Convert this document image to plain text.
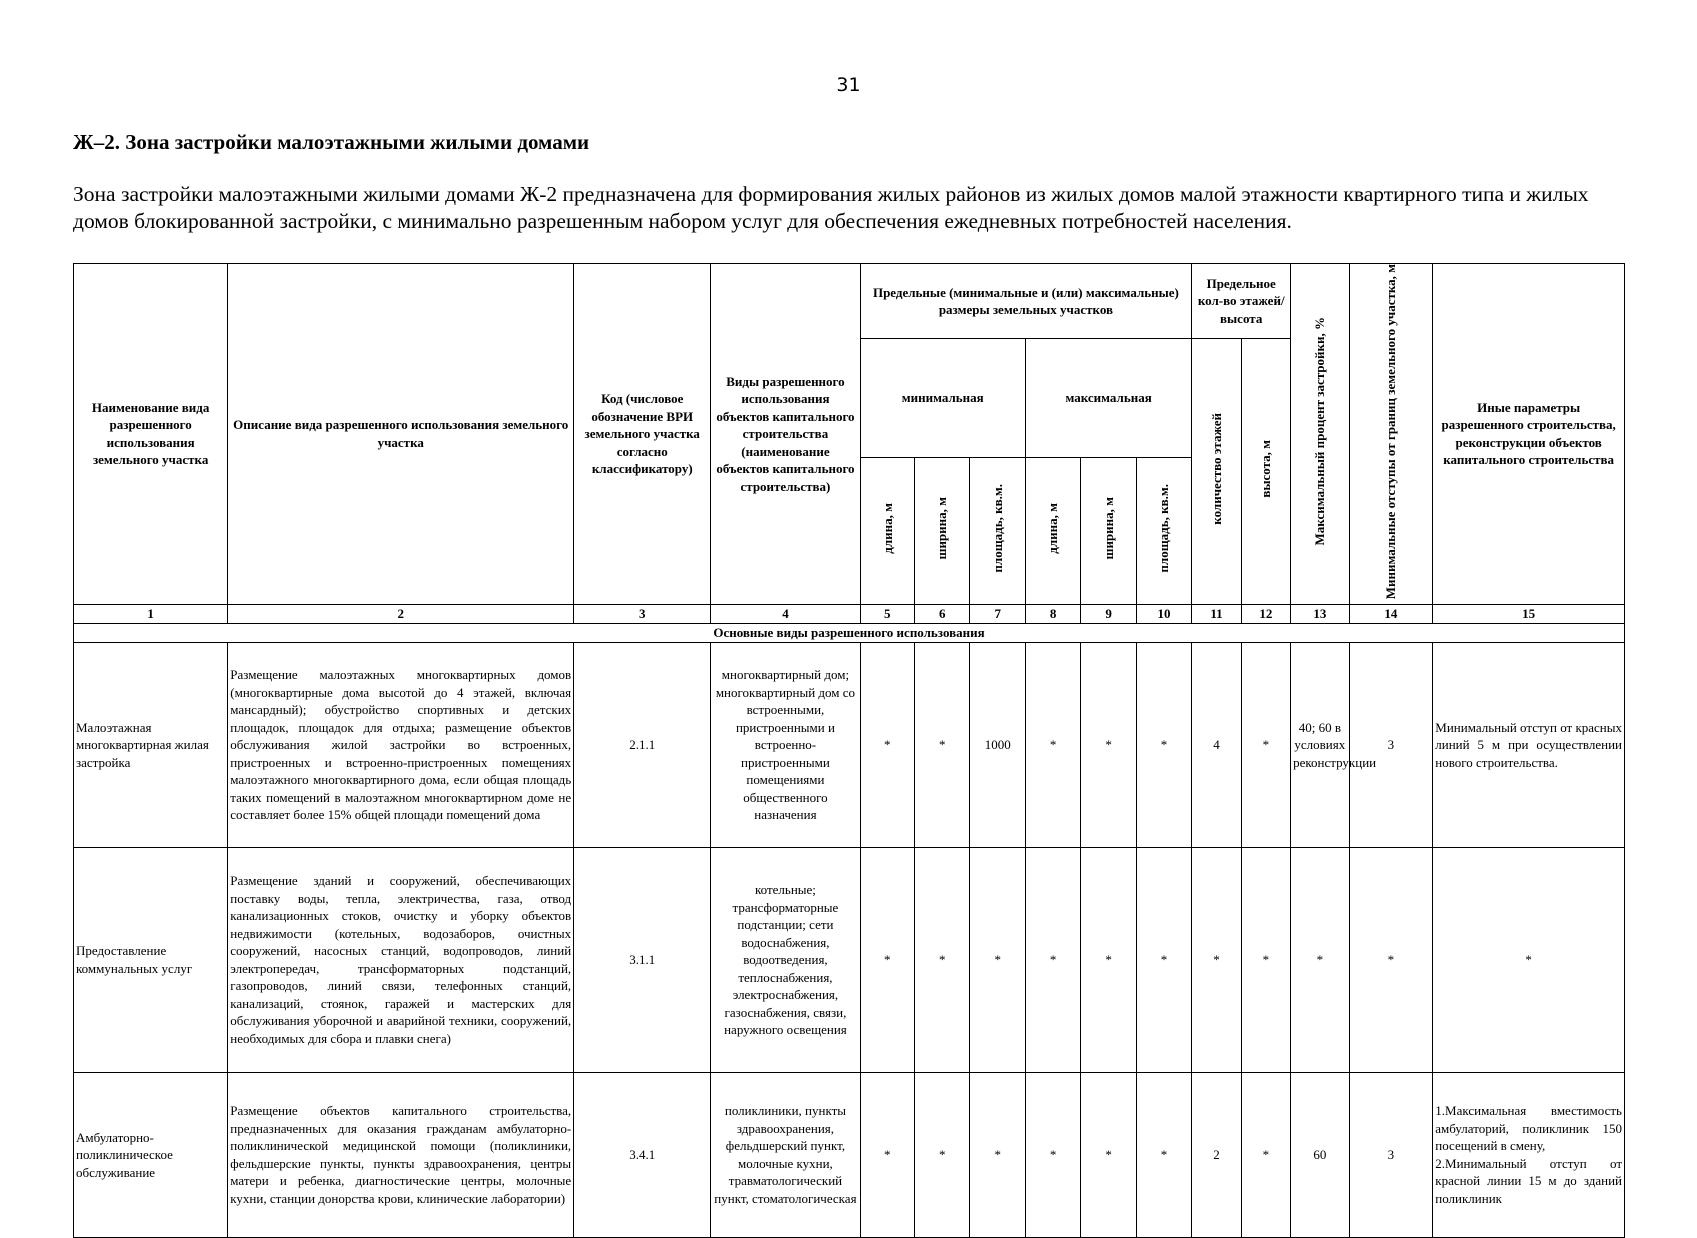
31
Ж–2. Зона застройки малоэтажными жилыми домами
Зона застройки малоэтажными жилыми домами Ж-2 предназначена для формирования жилых районов из жилых домов малой этажности квартирного типа и жилых домов блокированной застройки, с минимально разрешенным набором услуг для обеспечения ежедневных потребностей населения.
Наименование вида разрешенного использования земельного участка	Описание вида разрешенного использования земельного участка	Код (числовое обозначение ВРИ земельного участка согласно классификатору)	Виды разрешенного использования объектов капитального строительства (наименование объектов капитального строительства)	Предельные (минимальные и (или) максимальные) размеры земельных участков						Предельное кол-во этажей/ высота		Максимальный процент застройки, %	Минимальные отступы от границ земельного участка, м	Иные параметры разрешенного строительства, реконструкции объектов капитального строительства
				минимальная			максимальная			количество этажей	высота, м			
				длина, м	ширина, м	площадь, кв.м.	длина, м	ширина, м	площадь, кв.м.					
1	2	3	4	5	6	7	8	9	10	11	12	13	14	15
Основные виды разрешенного использования														
Малоэтажная многоквартирная жилая застройка	Размещение малоэтажных многоквартирных домов (многоквартирные дома высотой до 4 этажей, включая мансардный); обустройство спортивных и детских площадок, площадок для отдыха; размещение объектов обслуживания жилой застройки во встроенных, пристроенных и встроенно-пристроенных помещениях малоэтажного многоквартирного дома, если общая площадь таких помещений в малоэтажном многоквартирном доме не составляет более 15% общей площади помещений дома	2.1.1	многоквартирный дом; многоквартирный дом со встроенными, пристроенными и встроенно-пристроенными помещениями общественного назначения	*	*	1000	*	*	*	4	*	40; 60 в условиях реконструкции	3	Минимальный отступ от красных линий 5 м при осуществлении нового строительства.
Предоставление коммунальных услуг	Размещение зданий и сооружений, обеспечивающих поставку воды, тепла, электричества, газа, отвод канализационных стоков, очистку и уборку объектов недвижимости (котельных, водозаборов, очистных сооружений, насосных станций, водопроводов, линий электропередач, трансформаторных подстанций, газопроводов, линий связи, телефонных станций, канализаций, стоянок, гаражей и мастерских для обслуживания уборочной и аварийной техники, сооружений, необходимых для сбора и плавки снега)	3.1.1	котельные; трансформаторные подстанции; сети водоснабжения, водоотведения, теплоснабжения, электроснабжения, газоснабжения, связи, наружного освещения	*	*	*	*	*	*	*	*	*	*	*
Амбулаторно-поликлиническое обслуживание	Размещение объектов капитального строительства, предназначенных для оказания гражданам амбулаторно-поликлинической медицинской помощи (поликлиники, фельдшерские пункты, пункты здравоохранения, центры матери и ребенка, диагностические центры, молочные кухни, станции донорства крови, клинические лаборатории)	3.4.1	поликлиники, пункты здравоохранения, фельдшерский пункт, молочные кухни, травматологический пункт, стоматологическая	*	*	*	*	*	*	2	*	60	3	1.Максимальная вместимость амбулаторий, поликлиник 150 посещений в смену,
2.Минимальный отступ от красной линии 15 м до зданий поликлиник
